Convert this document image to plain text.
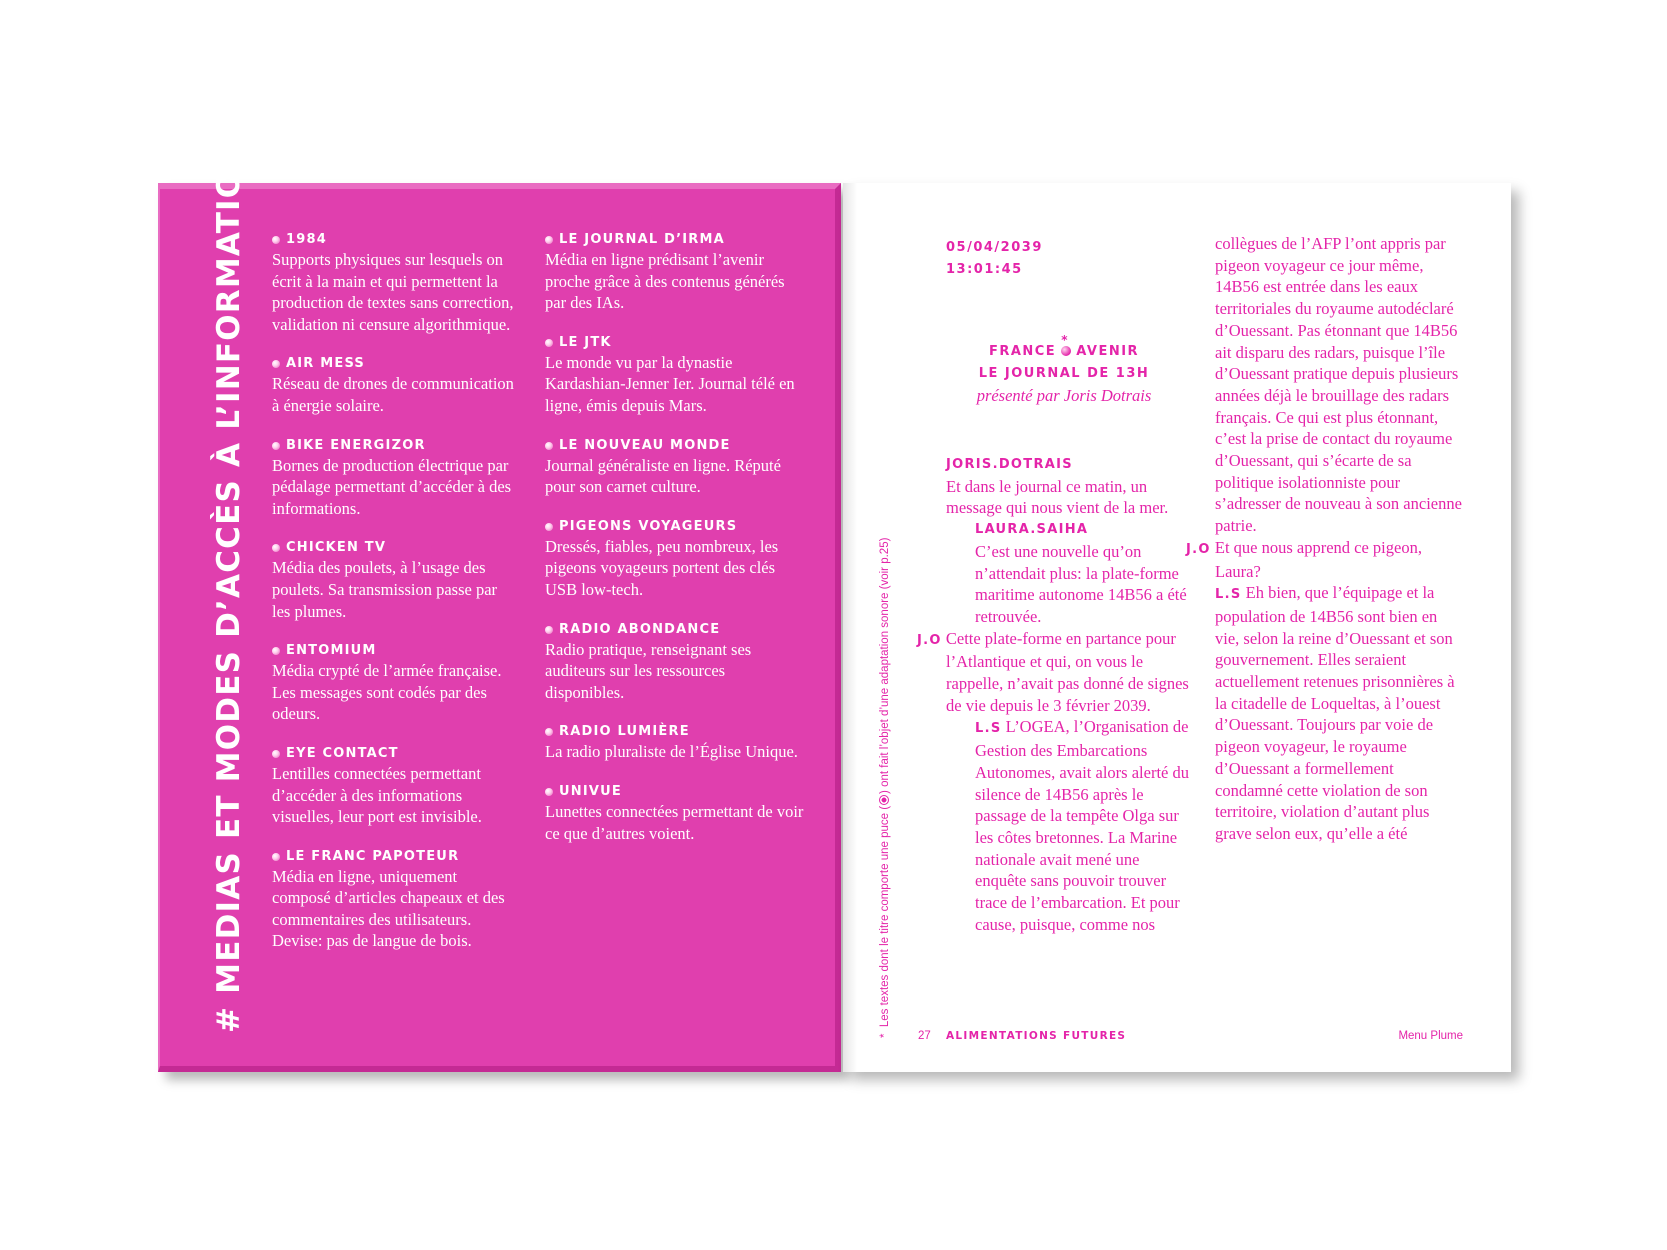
# MEDIAS ET MODES D’ACCÈS À L’INFORMATION	1984
Supports physiques sur lesquels on écrit à la main et qui permettent la production de textes sans correction, validation ni censure algorithmique.
AIR MESS
Réseau de drones de communication à énergie solaire.
BIKE ENERGIZOR
Bornes de production électrique par pédalage permettant d’accéder à des informations.
CHICKEN TV
Média des poulets, à l’usage des poulets. Sa transmission passe par les plumes.
ENTOMIUM
Média crypté de l’armée française. Les messages sont codés par des odeurs.
EYE CONTACT
Lentilles connectées permettant d’accéder à des informations visuelles, leur port est invisible.
LE FRANC PAPOTEUR
Média en ligne, uniquement composé d’articles chapeaux et des commentaires des utilisateurs. Devise: pas de langue de bois.
LE JOURNAL D’IRMA
Média en ligne prédisant l’avenir proche grâce à des contenus générés par des IAs.
LE JTK
Le monde vu par la dynastie Kardashian-Jenner Ier. Journal télé en ligne, émis depuis Mars.
LE NOUVEAU MONDE
Journal généraliste en ligne. Réputé pour son carnet culture.
PIGEONS VOYAGEURS
Dressés, fiables, peu nombreux, les pigeons voyageurs portent des clés USB low-tech.
RADIO ABONDANCE
Radio pratique, renseignant ses auditeurs sur les ressources disponibles.
RADIO LUMIÈRE
La radio pluraliste de l’Église Unique.
UNIVUE
Lunettes connectées permettant de voir ce que d’autres voient.
05/04/2039
13:01:45
FRANCE
*
AVENIR
LE JOURNAL DE 13H
présenté par Joris Dotrais
JORIS.DOTRAIS
Et dans le journal ce matin, un message qui nous vient de la mer.
LAURA.SAIHA
C’est une nouvelle qu’on n’attendait plus: la plate-forme maritime autonome 14B56 a été retrouvée.
J.O Cette plate-forme en partance pour l’Atlantique et qui, on vous le rappelle, n’avait pas donné de signes de vie depuis le 3 février 2039.
L.S L’OGEA, l’Organisation de Gestion des Embarcations Autonomes, avait alors alerté du silence de 14B56 après le passage de la tempête Olga sur les côtes bretonnes. La Marine nationale avait mené une enquête sans pouvoir trouver trace de l’embarcation. Et pour cause, puisque, comme nos
collègues de l’AFP l’ont appris par pigeon voyageur ce jour même, 14B56 est entrée dans les eaux territoriales du royaume autodéclaré d’Ouessant. Pas étonnant que 14B56 ait disparu des radars, puisque l’île d’Ouessant pratique depuis plusieurs années déjà le brouillage des radars français. Ce qui est plus étonnant, c’est la prise de contact du royaume d’Ouessant, qui s’écarte de sa politique isolationniste pour s’adresser de nouveau à son ancienne patrie.
J.O Et que nous apprend ce pigeon, Laura?
L.S Eh bien, que l’équipage et la population de 14B56 sont bien en vie, selon la reine d’Ouessant et son gouvernement. Elles seraient actuellement retenues prisonnières à la citadelle de Loqueltas, à l’ouest d’Ouessant. Toujours par voie de pigeon voyageur, le royaume d’Ouessant a formellement condamné cette violation de son territoire, violation d’autant plus grave selon eux, qu’elle a été
*  Les textes dont le titre comporte une puce () ont fait l’objet d’une adaptation sonore (voir p.25)
27 ALIMENTATIONS FUTURES	Menu Plume
